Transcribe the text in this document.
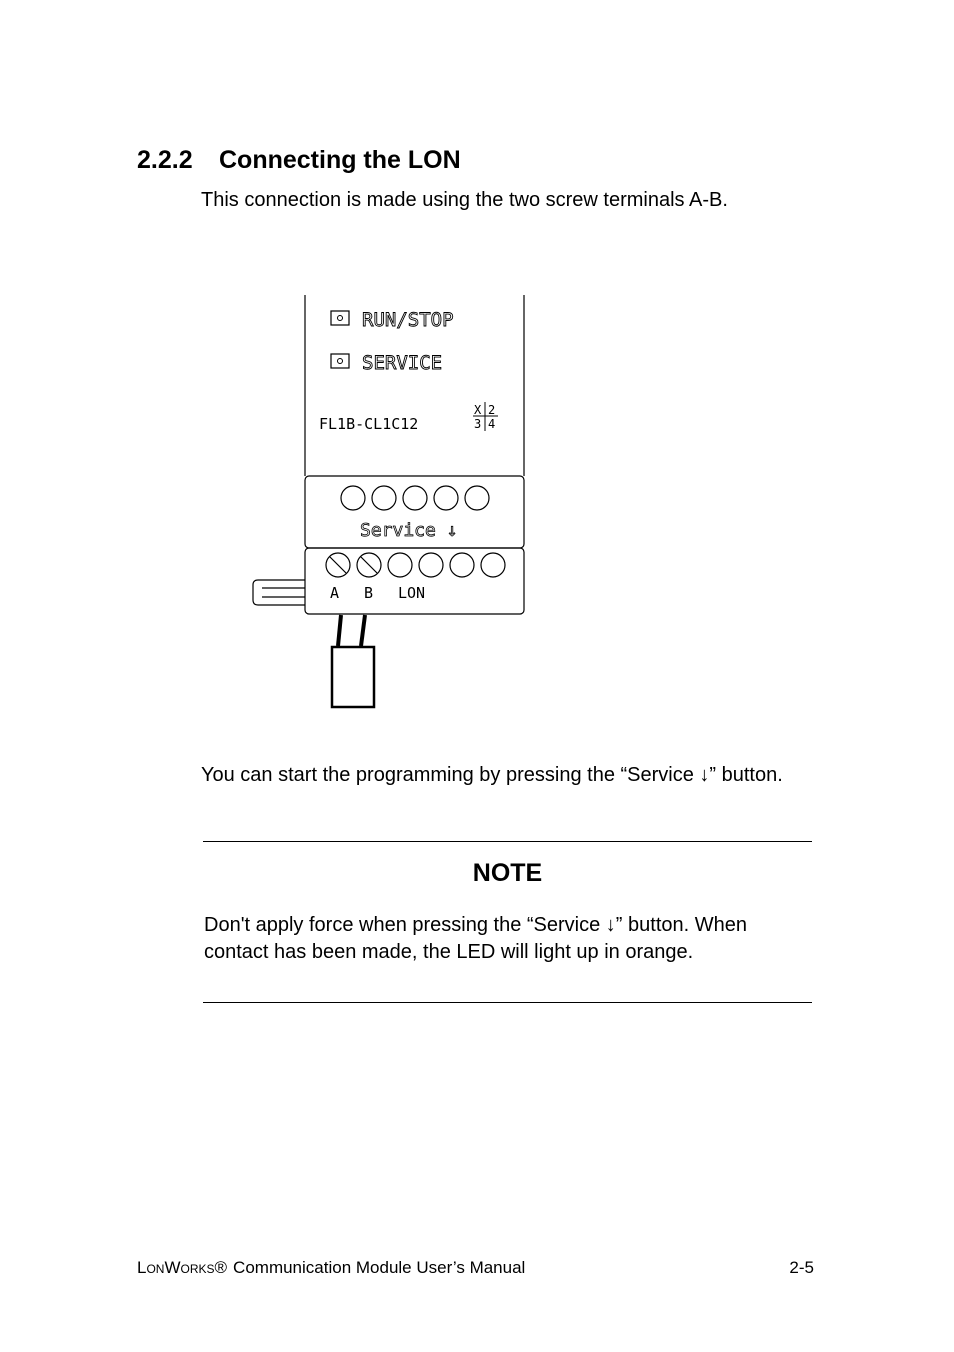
2.2.2 Connecting the LON

This connection is made using the two screw terminals A-B.

RUN/STOP
SERVICE
FL1B-CL1C12
X 2
3 4
Service ↓
A B LON

You can start the programming by pressing the “Service ↓” button.

NOTE

Don't apply force when pressing the “Service ↓” button. When contact has been made, the LED will light up in orange.

LonWorks® Communication Module User’s Manual	2-5
